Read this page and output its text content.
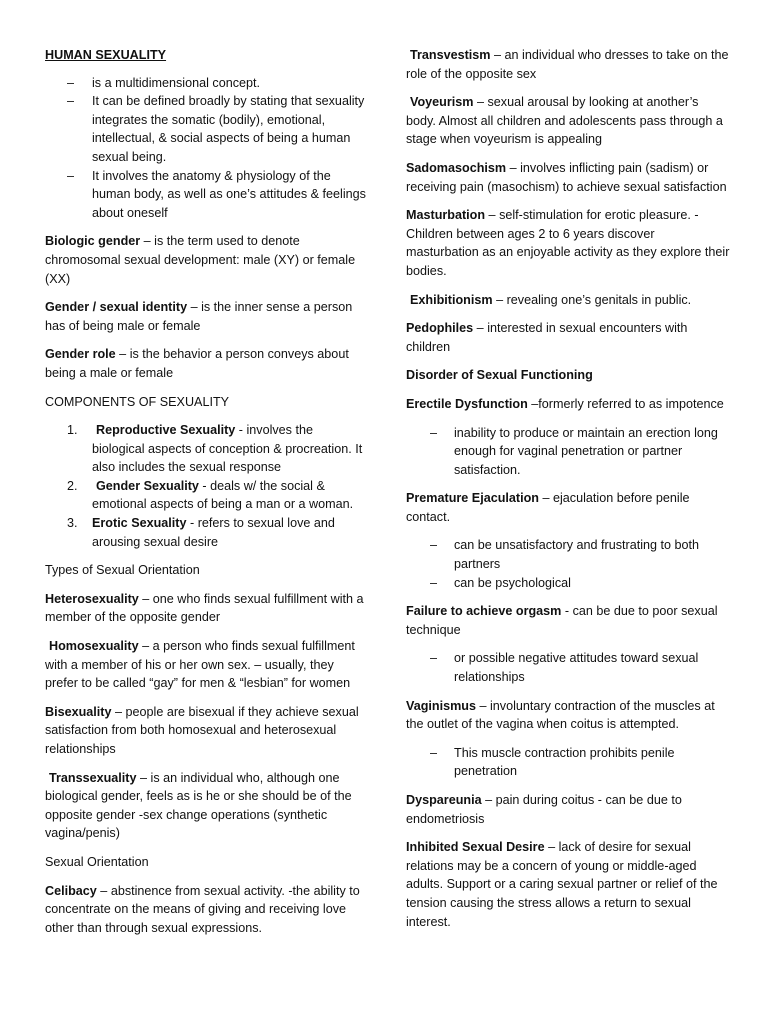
HUMAN SEXUALITY

– is a multidimensional concept.
– It can be defined broadly by stating that sexuality integrates the somatic (bodily), emotional, intellectual, & social aspects of being a human sexual being.
– It involves the anatomy & physiology of the human body, as well as one’s attitudes & feelings about oneself

Biologic gender – is the term used to denote chromosomal sexual development: male (XY) or female (XX)

Gender / sexual identity – is the inner sense a person has of being male or female

Gender role – is the behavior a person conveys about being a male or female

COMPONENTS OF SEXUALITY

1. Reproductive Sexuality - involves the biological aspects of conception & procreation. It also includes the sexual response
2. Gender Sexuality - deals w/ the social & emotional aspects of being a man or a woman.
3. Erotic Sexuality - refers to sexual love and arousing sexual desire

Types of Sexual Orientation

Heterosexuality – one who finds sexual fulfillment with a member of the opposite gender

Homosexuality – a person who finds sexual fulfillment with a member of his or her own sex. – usually, they prefer to be called “gay” for men & “lesbian” for women

Bisexuality – people are bisexual if they achieve sexual satisfaction from both homosexual and heterosexual relationships

Transsexuality – is an individual who, although one biological gender, feels as is he or she should be of the opposite gender -sex change operations (synthetic vagina/penis)

Sexual Orientation

Celibacy – abstinence from sexual activity. -the ability to concentrate on the means of giving and receiving love other than through sexual expressions.

Transvestism – an individual who dresses to take on the role of the opposite sex

Voyeurism – sexual arousal by looking at another’s body. Almost all children and adolescents pass through a stage when voyeurism is appealing

Sadomasochism – involves inflicting pain (sadism) or receiving pain (masochism) to achieve sexual satisfaction

Masturbation – self-stimulation for erotic pleasure. - Children between ages 2 to 6 years discover masturbation as an enjoyable activity as they explore their bodies.

Exhibitionism – revealing one’s genitals in public.

Pedophiles – interested in sexual encounters with children

Disorder of Sexual Functioning

Erectile Dysfunction –formerly referred to as impotence

– inability to produce or maintain an erection long enough for vaginal penetration or partner satisfaction.

Premature Ejaculation – ejaculation before penile contact.

– can be unsatisfactory and frustrating to both partners
– can be psychological

Failure to achieve orgasm - can be due to poor sexual technique

– or possible negative attitudes toward sexual relationships

Vaginismus – involuntary contraction of the muscles at the outlet of the vagina when coitus is attempted.

– This muscle contraction prohibits penile penetration

Dyspareunia – pain during coitus - can be due to endometriosis

Inhibited Sexual Desire – lack of desire for sexual relations may be a concern of young or middle-aged adults. Support or a caring sexual partner or relief of the tension causing the stress allows a return to sexual interest.
